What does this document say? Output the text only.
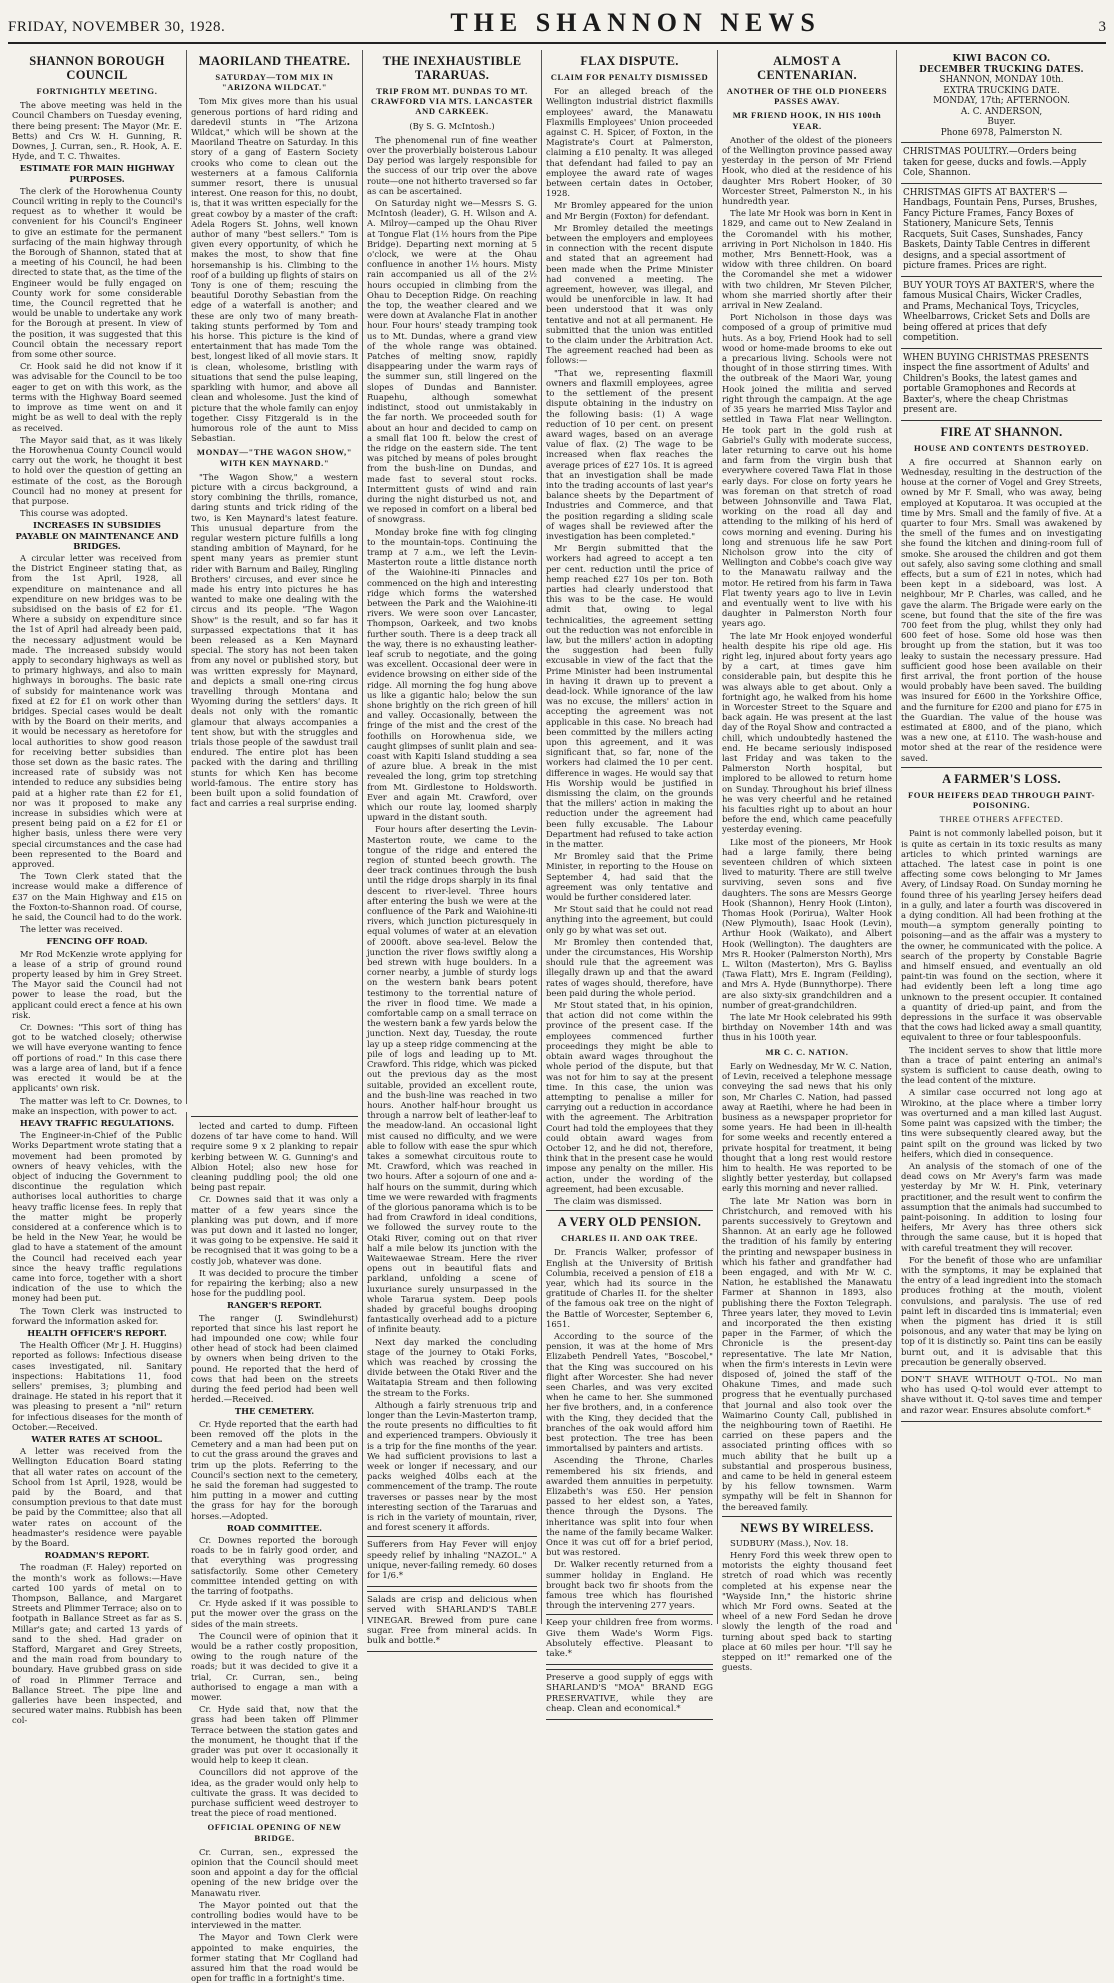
FRIDAY, NOVEMBER 30, 1928.	THE SHANNON NEWS	3
SHANNON BOROUGH COUNCIL
FORTNIGHTLY MEETING.

The above meeting was held in the Council Chambers on Tuesday evening, there being present: The Mayor (Mr. E. Betts) and Crs W. H. Gunning, R. Downes, J. Curran, sen., R. Hook, A. E. Hyde, and T. C. Thwaites.

ESTIMATE FOR MAIN HIGHWAY PURPOSES.

The clerk of the Horowhenua County Council writing in reply to the Council's request as to whether it would be convenient for his Council's Engineer to give an estimate for the permanent surfacing of the main highway through the Borough of Shannon, stated that at a meeting of his Council, he had been directed to state that, as the time of the Engineer would be fully engaged on County work for some considerable time, the Council regretted that he would be unable to undertake any work for the Borough at present. In view of the position, it was suggested that this Council obtain the necessary report from some other source.

Cr. Hook said he did not know if it was advisable for the Council to be too eager to get on with this work, as the terms with the Highway Board seemed to improve as time went on and it might be as well to deal with the reply as received.

The Mayor said that, as it was likely the Horowhenua County Council would carry out the work, he thought it best to hold over the question of getting an estimate of the cost, as the Borough Council had no money at present for that purpose.

This course was adopted.

INCREASES IN SUBSIDIES PAYABLE ON MAINTENANCE AND BRIDGES.

A circular letter was received from the District Engineer stating that, as from the 1st April, 1928, all expenditure on maintenance and all expenditure on new bridges was to be subsidised on the basis of £2 for £1. Where a subsidy on expenditure since the 1st of April had already been paid, the necessary adjustment would be made. The increased subsidy would apply to secondary highways as well as to primary highways, and also to main highways in boroughs. The basic rate of subsidy for maintenance work was fixed at £2 for £1 on work other than bridges. Special cases would be dealt with by the Board on their merits, and it would be necessary as heretofore for local authorities to show good reason for receiving better subsidies than those set down as the basic rates. The increased rate of subsidy was not intended to reduce any subsidies being paid at a higher rate than £2 for £1, nor was it proposed to make any increase in subsidies which were at present being paid on a £2 for £1 or higher basis, unless there were very special circumstances and the case had been represented to the Board and approved.

The Town Clerk stated that the increase would make a difference of £37 on the Main Highway and £15 on the Foxton-to-Shannon road. Of course, he said, the Council had to do the work.

The letter was received.

FENCING OFF ROAD.

Mr Rod McKenzie wrote applying for a lease of a strip of ground round property leased by him in Grey Street. The Mayor said the Council had not power to lease the road, but the applicant could erect a fence at his own risk.

Cr. Downes: "This sort of thing has got to be watched closely; otherwise we will have everyone wanting to fence off portions of road." In this case there was a large area of land, but if a fence was erected it would be at the applicants' own risk.

The matter was left to Cr. Downes, to make an inspection, with power to act.

HEAVY TRAFFIC REGULATIONS.

The Engineer-in-Chief of the Public Works Department wrote stating that a movement had been promoted by owners of heavy vehicles, with the object of inducing the Government to discontinue the regulation which authorises local authorities to charge heavy traffic license fees. In reply that the matter might be properly considered at a conference which is to be held in the New Year, he would be glad to have a statement of the amount the Council had received each year since the heavy traffic regulations came into force, together with a short indication of the use to which the money had been put.

The Town Clerk was instructed to forward the information asked for.

HEALTH OFFICER'S REPORT.

The Health Officer (Mr J. H. Huggins) reported as follows: Infectious disease cases investigated, nil. Sanitary inspections: Habitations 11, food sellers' premises, 3; plumbing and drainage. He stated in his report that it was pleasing to present a "nil" return for infectious diseases for the month of October.—Received.

WATER RATES AT SCHOOL.

A letter was received from the Wellington Education Board stating that all water rates on account of the School from 1st April, 1928, would be paid by the Board, and that consumption previous to that date must be paid by the Committee; also that all water rates on account of the headmaster's residence were payable by the Board.

ROADMAN'S REPORT.

The roadman (F. Haley) reported on the month's work as follows:—Have carted 100 yards of metal on to Thompson, Ballance, and Margaret Streets and Plimmer Terrace; also on to footpath in Ballance Street as far as S. Millar's gate; and carted 13 yards of sand to the shed. Had grader on Stafford, Margaret and Grey Streets, and the main road from boundary to boundary. Have grubbed grass on side of road in Plimmer Terrace and Ballance Street. The pipe line and galleries have been inspected, and secured water mains. Rubbish has been col-

MAORILAND THEATRE.
SATURDAY—TOM MIX IN "ARIZONA WILDCAT."

Tom Mix gives more than his usual generous portions of hard riding and daredevil stunts in "The Arizona Wildcat," which will be shown at the Maoriland Theatre on Saturday. In this story of a gang of Eastern Society crooks who come to clean out the westerners at a famous California summer resort, there is unusual interest. One reason for this, no doubt, is, that it was written especially for the great cowboy by a master of the craft: Adela Rogers St. Johns, well known author of many "best sellers." Tom is given every opportunity, of which he makes the most, to show that fine horsemanship is his. Climbing to the roof of a building up flights of stairs on Tony is one of them; rescuing the beautiful Dorothy Sebastian from the edge of a waterfall is another; and these are only two of many breath-taking stunts performed by Tom and his horse. This picture is the kind of entertainment that has made Tom the best, longest liked of all movie stars. It is clean, wholesome, bristling with situations that send the pulse leaping, sparkling with humor, and above all clean and wholesome. Just the kind of picture that the whole family can enjoy together. Cissy Fitzgerald is in the humorous role of the aunt to Miss Sebastian.

MONDAY—"THE WAGON SHOW," WITH KEN MAYNARD."

"The Wagon Show," a western picture with a circus background, a story combining the thrills, romance, daring stunts and trick riding of the two, is Ken Maynard's latest feature. This unusual departure from the regular western picture fulfills a long standing ambition of Maynard, for he spent many years as premier stunt rider with Barnum and Bailey, Ringling Brothers' circuses, and ever since he made his entry into pictures he has wanted to make one dealing with the circus and its people. "The Wagon Show" is the result, and so far has it surpassed expectations that it has been released as a Ken Maynard special. The story has not been taken from any novel or published story, but was written expressly for Maynard, and depicts a small one-ring circus travelling through Montana and Wyoming during the settlers' days. It deals not only with the romantic glamour that always accompanies a tent show, but with the struggles and trials those people of the sawdust trail endured. The entire plot has been packed with the daring and thrilling stunts for which Ken has become world-famous. The entire story has been built upon a solid foundation of fact and carries a real surprise ending.

lected and carted to dump. Fifteen dozens of tar have come to hand. Will require some 9 x 2 planking to repair kerbing between W. G. Gunning's and Albion Hotel; also new hose for cleaning puddling pool; the old one being past repair.

Cr. Downes said that it was only a matter of a few years since the planking was put down, and if more was put down and it lasted no longer, it was going to be expensive. He said it be recognised that it was going to be a costly job, whatever was done.

It was decided to procure the timber for repairing the kerbing; also a new hose for the puddling pool.

RANGER'S REPORT.

The ranger (J. Swindlehurst) reported that since his last report he had impounded one cow; while four other head of stock had been claimed by owners when being driven to the pound. He reported that the herd of cows that had been on the streets during the feed period had been well herded.—Received.

THE CEMETERY.

Cr. Hyde reported that the earth had been removed off the plots in the Cemetery and a man had been put on to cut the grass around the graves and trim up the plots. Referring to the Council's section next to the cemetery, he said the foreman had suggested to him putting in a mower and cutting the grass for hay for the borough horses.—Adopted.

ROAD COMMITTEE.

Cr. Downes reported the borough roads to be in fairly good order, and that everything was progressing satisfactorily. Some other Cemetery committee intended getting on with the tarring of footpaths.

Cr. Hyde asked if it was possible to put the mower over the grass on the sides of the main streets.

The Council were of opinion that it would be a rather costly proposition, owing to the rough nature of the roads; but it was decided to give it a trial, Cr. Curran, sen., being authorised to engage a man with a mower.

Cr. Hyde said that, now that the grass had been taken off Plimmer Terrace between the station gates and the monument, he thought that if the grader was put over it occasionally it would help to keep it clean.

Councillors did not approve of the idea, as the grader would only help to cultivate the grass. It was decided to purchase sufficient weed destroyer to treat the piece of road mentioned.

OFFICIAL OPENING OF NEW BRIDGE.

Cr. Curran, sen., expressed the opinion that the Council should meet soon and appoint a day for the official opening of the new bridge over the Manawatu river.

The Mayor pointed out that the controlling bodies would have to be interviewed in the matter.

The Mayor and Town Clerk were appointed to make enquiries, the former stating that Mr Coglland had assured him that the road would be open for traffic in a fortnight's time.

THE INEXHAUSTIBLE TARARUAS.
TRIP FROM MT. DUNDAS TO MT. CRAWFORD VIA MTS. LANCASTER AND CARKEEK.
(By S. G. McIntosh.)

The phenomenal run of fine weather over the proverbially boisterous Labour Day period was largely responsible for the success of our trip over the above route—one not hitherto traversed so far as can be ascertained.

On Saturday night we—Messrs S. G. McIntosh (leader), G. H. Wilson and A. A. Milroy—camped up the Ohau River at Tongue Flat (1½ hours from the Pipe Bridge). Departing next morning at 5 o'clock, we were at the Ohau confluence in another 1½ hours. Misty rain accompanied us all of the 2½ hours occupied in climbing from the Ohau to Deception Ridge. On reaching the top, the weather cleared and we were down at Avalanche Flat in another hour. Four hours' steady tramping took us to Mt. Dundas, where a grand view of the whole range was obtained. Patches of melting snow, rapidly disappearing under the warm rays of the summer sun, still lingered on the slopes of Dundas and Bannister. Ruapehu, although somewhat indistinct, stood out unmistakably in the far north. We proceeded south for about an hour and decided to camp on a small flat 100 ft. below the crest of the ridge on the eastern side. The tent was pitched by means of poles brought from the bush-line on Dundas, and made fast to several stout rocks. Intermittent gusts of wind and rain during the night disturbed us not, and we reposed in comfort on a liberal bed of snowgrass.

Monday broke fine with fog clinging to the mountain-tops. Continuing the tramp at 7 a.m., we left the Levin-Masterton route a little distance north of the Waiohine-iti Pinnacles and commenced on the high and interesting ridge which forms the watershed between the Park and the Waiohine-iti rivers. We were soon over Lancaster, Thompson, Oarkeek, and two knobs further south. There is a deep track all the way, there is no exhausting leather-leaf scrub to negotiate, and the going was excellent. Occasional deer were in evidence browsing on either side of the ridge. All morning the fog hung above us like a gigantic halo; below the sun shone brightly on the rich green of hill and valley. Occasionally, between the fringe of the mist and the crest of the foothills on Horowhenua side, we caught glimpses of sunlit plain and sea-coast with Kapiti Island studding a sea of azure blue. A break in the mist revealed the long, grim top stretching from Mt. Girdlestone to Holdsworth. Ever and again Mt. Crawford, over which our route lay, loomed sharply upward in the distant south.

Four hours after deserting the Levin-Masterton route, we came to the tongue of the ridge and entered the region of stunted beech growth. The deer track continues through the bush until the ridge drops sharply in its final descent to river-level. Three hours after entering the bush we were at the confluence of the Park and Waiohine-iti rivers, which junction picturesquely in equal volumes of water at an elevation of 2000ft. above sea-level. Below the junction the river flows swiftly along a bed strewn with huge boulders. In a corner nearby, a jumble of sturdy logs on the western bank bears potent testimony to the torrential nature of the river in flood time. We made a comfortable camp on a small terrace on the western bank a few yards below the junction. Next day, Tuesday, the route lay up a steep ridge commencing at the pile of logs and leading up to Mt. Crawford. This ridge, which was picked out the previous day as the most suitable, provided an excellent route, and the bush-line was reached in two hours. Another half-hour brought us through a narrow belt of leather-leaf to the meadow-land. An occasional light mist caused no difficulty, and we were able to follow with ease the spur which takes a somewhat circuitous route to Mt. Crawford, which was reached in two hours. After a sojourn of one and a-half hours on the summit, during which time we were rewarded with fragments of the glorious panorama which is to be had from Crawford in ideal conditions, we followed the survey route to the Otaki River, coming out on that river half a mile below its junction with the Waitewaewae Stream. Here the river opens out in beautiful flats and parkland, unfolding a scene of luxuriance surely unsurpassed in the whole Tararua system. Deep pools shaded by graceful boughs drooping fantastically overhead add to a picture of infinite beauty.

Next day marked the concluding stage of the journey to Otaki Forks, which was reached by crossing the divide between the Otaki River and the Waitatapia Stream and then following the stream to the Forks.

Although a fairly strenuous trip and longer than the Levin-Masterton tramp, the route presents no difficulties to fit and experienced trampers. Obviously it is a trip for the fine months of the year. We had sufficient provisions to last a week or longer if necessary, and our packs weighed 40lbs each at the commencement of the tramp. The route traverses or passes near by the most interesting section of the Tararuas and is rich in the variety of mountain, river, and forest scenery it affords.

Sufferers from Hay Fever will enjoy speedy relief by inhaling "NAZOL." A unique, never-failing remedy. 60 doses for 1/6.*

Salads are crisp and delicious when served with SHARLAND'S TABLE VINEGAR. Brewed from pure cane sugar. Free from mineral acids. In bulk and bottle.*

FLAX DISPUTE.
CLAIM FOR PENALTY DISMISSED

For an alleged breach of the Wellington industrial district flaxmills employees' award, the Manawatu Flaxmills Employees' Union proceeded against C. H. Spicer, of Foxton, in the Magistrate's Court at Palmerston, claiming a £10 penalty. It was alleged that defendant had failed to pay an employee the award rate of wages between certain dates in October, 1928.

Mr Bromley appeared for the union and Mr Bergin (Foxton) for defendant.

Mr Bromley detailed the meetings between the employers and employees in connection with the recent dispute and stated that an agreement had been made when the Prime Minister had convened a meeting. The agreement, however, was illegal, and would be unenforcible in law. It had been understood that it was only tentative and not at all permanent. He submitted that the union was entitled to the claim under the Arbitration Act. The agreement reached had been as follows:—

"That we, representing flaxmill owners and flaxmill employees, agree to the settlement of the present dispute obtaining in the industry on the following basis: (1) A wage reduction of 10 per cent. on present award wages, based on an average value of flax. (2) The wage to be increased when flax reaches the average prices of £27 10s. It is agreed that an investigation shall be made into the trading accounts of last year's balance sheets by the Department of Industries and Commerce, and that the position regarding a sliding scale of wages shall be reviewed after the investigation has been completed."

Mr Bergin submitted that the workers had agreed to accept a ten per cent. reduction until the price of hemp reached £27 10s per ton. Both parties had clearly understood that this was to be the case. He would admit that, owing to legal technicalities, the agreement setting out the reduction was not enforcible in law, but the millers' action in adopting the suggestion had been fully excusable in view of the fact that the Prime Minister had been instrumental in having it drawn up to prevent a dead-lock. While ignorance of the law was no excuse, the millers' action in accepting the agreement was not applicable in this case. No breach had been committed by the millers acting upon this agreement, and it was significant that, so far, none of the workers had claimed the 10 per cent. difference in wages. He would say that His Worship would be justified in dismissing the claim, on the grounds that the millers' action in making the reduction under the agreement had been fully excusable. The Labour Department had refused to take action in the matter.

Mr Bromley said that the Prime Minister, in reporting to the House on September 4, had said that the agreement was only tentative and would be further considered later.

Mr Stout said that he could not read anything into the agreement, but could only go by what was set out.

Mr Bromley then contended that, under the circumstances, His Worship should rule that the agreement was illegally drawn up and that the award rates of wages should, therefore, have been paid during the whole period.

Mr Stout stated that, in his opinion, that action did not come within the province of the present case. If the employees commenced further proceedings they might be able to obtain award wages throughout the whole period of the dispute, but that was not for him to say at the present time. In this case, the union was attempting to penalise a miller for carrying out a reduction in accordance with the agreement. The Arbitration Court had told the employees that they could obtain award wages from October 12, and he did not, therefore, think that in the present case he would impose any penalty on the miller. His action, under the wording of the agreement, had been excusable.

The claim was dismissed.

A VERY OLD PENSION.
CHARLES II. AND OAK TREE.

Dr. Francis Walker, professor of English at the University of British Columbia, received a pension of £18 a year, which had its source in the gratitude of Charles II. for the shelter of the famous oak tree on the night of the Battle of Worcester, September 6, 1651.

According to the source of the pension, it was at the home of Mrs Elizabeth Pendrell Yates, "Boscobel," that the King was succoured on his flight after Worcester. She had never seen Charles, and was very excited when he came to her. She summoned her five brothers, and, in a conference with the King, they decided that the branches of the oak would afford him best protection. The tree has been immortalised by painters and artists.

Ascending the Throne, Charles remembered his six friends, and awarded them annuities in perpetuity. Elizabeth's was £50. Her pension passed to her eldest son, a Yates, thence through the Dysons. The inheritance was split into four when the name of the family became Walker. Once it was cut off for a brief period, but was restored.

Dr. Walker recently returned from a summer holiday in England. He brought back two fir shoots from the famous tree which has flourished through the intervening 277 years.

Keep your children free from worms. Give them Wade's Worm Figs. Absolutely effective. Pleasant to take.*

Preserve a good supply of eggs with SHARLAND'S "MOA" BRAND EGG PRESERVATIVE, while they are cheap. Clean and economical.*

ALMOST A CENTENARIAN.
ANOTHER OF THE OLD PIONEERS PASSES AWAY.
MR FRIEND HOOK, IN HIS 100th YEAR.

Another of the oldest of the pioneers of the Wellington province passed away yesterday in the person of Mr Friend Hook, who died at the residence of his daughter Mrs Robert Hooker, of 30 Worcester Street, Palmerston N., in his hundredth year.

The late Mr Hook was born in Kent in 1829, and came out to New Zealand in the Coromandel with his mother, arriving in Port Nicholson in 1840. His mother, Mrs Bennett-Hook, was a widow with three children. On board the Coromandel she met a widower with two children, Mr Steven Pilcher, whom she married shortly after their arrival in New Zealand.

Port Nicholson in those days was composed of a group of primitive mud huts. As a boy, Friend Hook had to sell wood or home-made brooms to eke out a precarious living. Schools were not thought of in those stirring times. With the outbreak of the Maori War, young Hook joined the militia and served right through the campaign. At the age of 35 years he married Miss Taylor and settled in Tawa Flat near Wellington. He took part in the gold rush at Gabriel's Gully with moderate success, later returning to carve out his home and farm from the virgin bush that everywhere covered Tawa Flat in those early days. For close on forty years he was foreman on that stretch of road between Johnsonville and Tawa Flat, working on the road all day and attending to the milking of his herd of cows morning and evening. During his long and strenuous life he saw Port Nicholson grow into the city of Wellington and Cobbe's coach give way to the Manawatu railway and the motor. He retired from his farm in Tawa Flat twenty years ago to live in Levin and eventually went to live with his daughter in Palmerston North four years ago.

The late Mr Hook enjoyed wonderful health despite his ripe old age. His right leg, injured about forty years ago by a cart, at times gave him considerable pain, but despite this he was always able to get about. Only a fortnight ago, he walked from his home in Worcester Street to the Square and back again. He was present at the last day of the Royal Show and contracted a chill, which undoubtedly hastened the end. He became seriously indisposed last Friday and was taken to the Palmerston North hospital, but implored to be allowed to return home on Sunday. Throughout his brief illness he was very cheerful and he retained his faculties right up to about an hour before the end, which came peacefully yesterday evening.

Like most of the pioneers, Mr Hook had a large family, there being seventeen children of which sixteen lived to maturity. There are still twelve surviving, seven sons and five daughters. The sons are Messrs George Hook (Shannon), Henry Hook (Linton), Thomas Hook (Porirua), Walter Hook (New Plymouth), Isaac Hook (Levin), Arthur Hook (Waikato), and Albert Hook (Wellington). The daughters are Mrs R. Hooker (Palmerston North), Mrs L. Wilton (Masterton), Mrs G. Bayliss (Tawa Flatt), Mrs E. Ingram (Feilding), and Mrs A. Hyde (Bunnythorpe). There are also sixty-six grandchildren and a number of great-grandchildren.

The late Mr Hook celebrated his 99th birthday on November 14th and was thus in his 100th year.

MR C. C. NATION.

Early on Wednesday, Mr W. C. Nation, of Levin, received a telephone message conveying the sad news that his only son, Mr Charles C. Nation, had passed away at Raetihi, where he had been in business as a newspaper proprietor for some years. He had been in ill-health for some weeks and recently entered a private hospital for treatment, it being thought that a long rest would restore him to health. He was reported to be slightly better yesterday, but collapsed early this morning and never rallied.

The late Mr Nation was born in Christchurch, and removed with his parents successively to Greytown and Shannon. At an early age he followed the tradition of his family by entering the printing and newspaper business in which his father and grandfather had been engaged, and with Mr W. C. Nation, he established the Manawatu Farmer at Shannon in 1893, also publishing there the Foxton Telegraph. Three years later, they moved to Levin and incorporated the then existing paper in the Farmer, of which the Chronicle is the present-day representative. The late Mr Nation, when the firm's interests in Levin were disposed of, joined the staff of the Ohakune Times, and made such progress that he eventually purchased that journal and also took over the Waimarino County Call, published in the neighbouring town of Raetihi. He carried on these papers and the associated printing offices with so much ability that he built up a substantial and prosperous business, and came to be held in general esteem by his fellow townsmen. Warm sympathy will be felt in Shannon for the bereaved family.

NEWS BY WIRELESS.

SUDBURY (Mass.), Nov. 18.

Henry Ford this week threw open to motorists the eighty thousand feet stretch of road which was recently completed at his expense near the "Wayside Inn," the historic shrine which Mr Ford owns. Seated at the wheel of a new Ford Sedan he drove slowly the length of the road and turning about sped back to starting place at 60 miles per hour. "I'll say he stepped on it!" remarked one of the guests.

KIWI BACON CO.
DECEMBER TRUCKING DATES.
SHANNON, MONDAY 10th.
EXTRA TRUCKING DATE.
MONDAY, 17th; AFTERNOON.
A. C. ANDERSON,
Buyer.
Phone 6978, Palmerston N.
CHRISTMAS POULTRY.—Orders being taken for geese, ducks and fowls.—Apply Cole, Shannon.
CHRISTMAS GIFTS AT BAXTER'S —Handbags, Fountain Pens, Purses, Brushes, Fancy Picture Frames, Fancy Boxes of Stationery, Manicure Sets, Tennis Racquets, Suit Cases, Sunshades, Fancy Baskets, Dainty Table Centres in different designs, and a special assortment of picture frames. Prices are right.
BUY YOUR TOYS AT BAXTER'S, where the famous Musical Chairs, Wicker Cradles, and Prams, Mechanical Toys, Tricycles, Wheelbarrows, Cricket Sets and Dolls are being offered at prices that defy competition.
WHEN BUYING CHRISTMAS PRESENTS inspect the fine assortment of Adults' and Children's Books, the latest games and portable Gramophones and Records at Baxter's, where the cheap Christmas present are.
FIRE AT SHANNON.
HOUSE AND CONTENTS DESTROYED.

A fire occurred at Shannon early on Wednesday, resulting in the destruction of the house at the corner of Vogel and Grey Streets, owned by Mr F. Small, who was away, being employed at Koputaroa. It was occupied at the time by Mrs. Small and the family of five. At a quarter to four Mrs. Small was awakened by the smell of the fumes and on investigating she found the kitchen and dining-room full of smoke. She aroused the children and got them out safely, also saving some clothing and small effects, but a sum of £21 in notes, which had been kept in a sideboard, was lost. A neighbour, Mr P. Charles, was called, and he gave the alarm. The Brigade were early on the scene, but found that the site of the fire was 700 feet from the plug, whilst they only had 600 feet of hose. Some old hose was then brought up from the station, but it was too leaky to sustain the necessary pressure. Had sufficient good hose been available on their first arrival, the front portion of the house would probably have been saved. The building was insured for £600 in the Yorkshire Office, and the furniture for £200 and piano for £75 in the Guardian. The value of the house was estimated at £800, and of the piano, which was a new one, at £110. The wash-house and motor shed at the rear of the residence were saved.

A FARMER'S LOSS.
FOUR HEIFERS DEAD THROUGH PAINT-POISONING.
THREE OTHERS AFFECTED.

Paint is not commonly labelled poison, but it is quite as certain in its toxic results as many articles to which printed warnings are attached. The latest case in point is one affecting some cows belonging to Mr James Avery, of Lindsay Road. On Sunday morning he found three of his yearling Jersey heifers dead in a gully, and later a fourth was discovered in a dying condition. All had been frothing at the mouth—a symptom generally pointing to poisoning—and as the affair was a mystery to the owner, he communicated with the police. A search of the property by Constable Bagrie and himself ensued, and eventually an old paint-tin was found on the section, where it had evidently been left a long time ago unknown to the present occupier. It contained a quantity of dried-up paint, and from the depressions in the surface it was observable that the cows had licked away a small quantity, equivalent to three or four tablespoonfuls.

The incident serves to show that little more than a trace of paint entering an animal's system is sufficient to cause death, owing to the lead content of the mixture.

A similar case occurred not long ago at Wirokino, at the place where a timber lorry was overturned and a man killed last August. Some paint was capsized with the timber; the tins were subsequently cleared away, but the paint spilt on the ground was licked by two heifers, which died in consequence.

An analysis of the stomach of one of the dead cows on Mr Avery's farm was made yesterday by Mr W. H. Pink, veterinary practitioner, and the result went to confirm the assumption that the animals had succumbed to paint-poisoning. In addition to losing four heifers, Mr Avery has three others sick through the same cause, but it is hoped that with careful treatment they will recover.

For the benefit of those who are unfamiliar with the symptoms, it may be explained that the entry of a lead ingredient into the stomach produces frothing at the mouth, violent convulsions, and paralysis. The use of red paint left in discarded tins is immaterial; even when the pigment has dried it is still poisonous, and any water that may be lying on top of it is distinctly so. Paint tins can be easily burnt out, and it is advisable that this precaution be generally observed.

DON'T SHAVE WITHOUT Q-TOL. No man who has used Q-tol would ever attempt to shave without it. Q-tol saves time and temper and razor wear. Ensures absolute comfort.*
